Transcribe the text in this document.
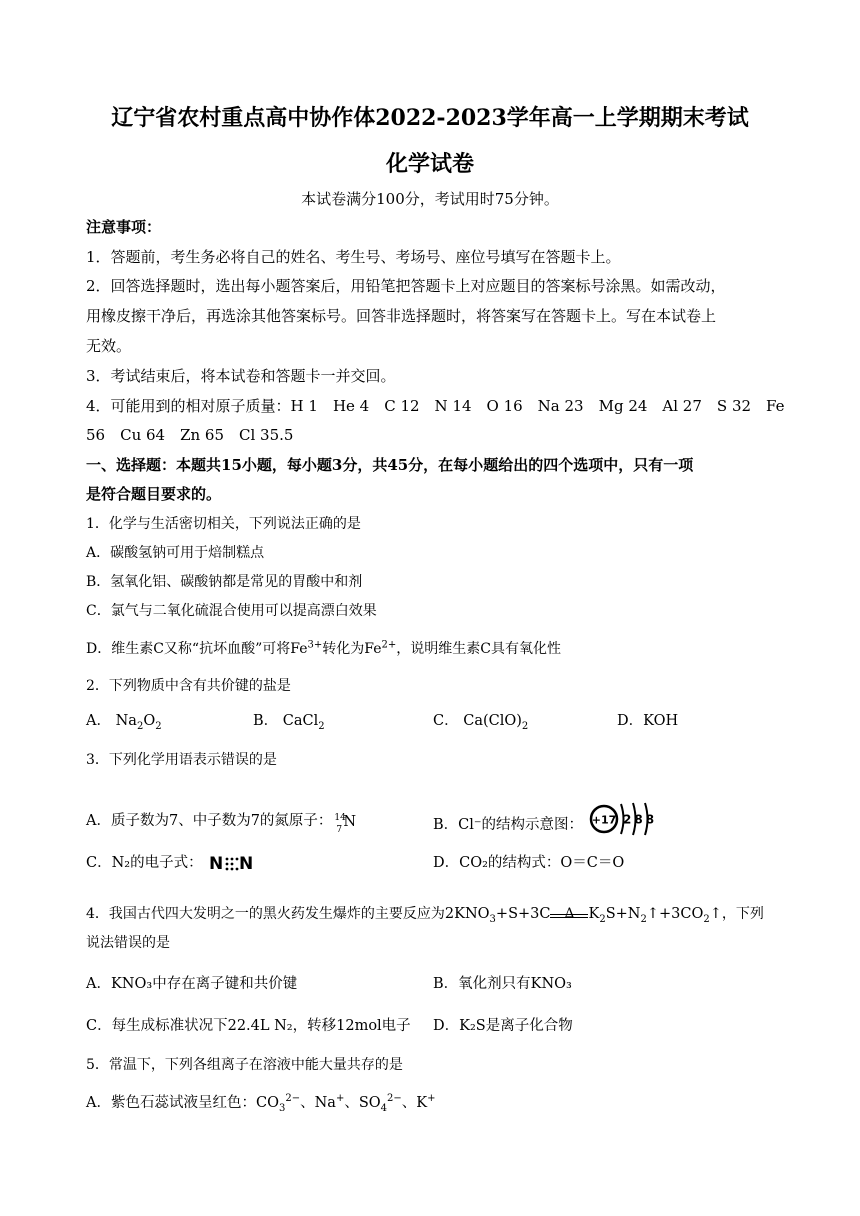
辽宁省农村重点高中协作体2022-2023学年高一上学期期末考试
化学试卷
本试卷满分100分，考试用时75分钟。
注意事项：
1．答题前，考生务必将自己的姓名、考生号、考场号、座位号填写在答题卡上。
2．回答选择题时，选出每小题答案后，用铅笔把答题卡上对应题目的答案标号涂黑。如需改动，
用橡皮擦干净后，再选涂其他答案标号。回答非选择题时，将答案写在答题卡上。写在本试卷上
无效。
3．考试结束后，将本试卷和答题卡一并交回。
4．可能用到的相对原子质量：H 1　He 4　C 12　N 14　O 16　Na 23　Mg 24　Al 27　S 32　Fe
56　Cu 64　Zn 65　Cl 35.5
一、选择题：本题共15小题，每小题3分，共45分，在每小题给出的四个选项中，只有一项
是符合题目要求的。
1．化学与生活密切相关，下列说法正确的是
A．碳酸氢钠可用于焙制糕点
B．氢氧化铝、碳酸钠都是常见的胃酸中和剂
C．氯气与二氧化硫混合使用可以提高漂白效果
D．维生素C又称“抗坏血酸”可将$Fe^{3+}$转化为$Fe^{2+}$，说明维生素C具有氧化性
2．下列物质中含有共价键的盐是
A． $Na_2O_2$	B． CaCl$_2$	C． $Ca(ClO)_2$	D．KOH
3．下列化学用语表示错误的是
A．质子数为7、中子数为7的氮原子： 14
7 N	B．Cl⁻的结构示意图： +17 288
C．N₂的电子式： N N	D．CO₂的结构式：O＝C＝O
4．我国古代四大发明之一的黑火药发生爆炸的主要反应为$2KNO_3+S+3C$	Δ $K_2S+N_2↑+3CO_2↑$，下列
说法错误的是
A．KNO₃中存在离子键和共价键	B．氧化剂只有KNO₃
C．每生成标准状况下22.4L N₂，转移12mol电子 D．K₂S是离子化合物
5．常温下，下列各组离子在溶液中能大量共存的是
A．紫色石蕊试液呈红色：$CO_3^{2-}$、Na+、$SO_4^{2-}$、K+
